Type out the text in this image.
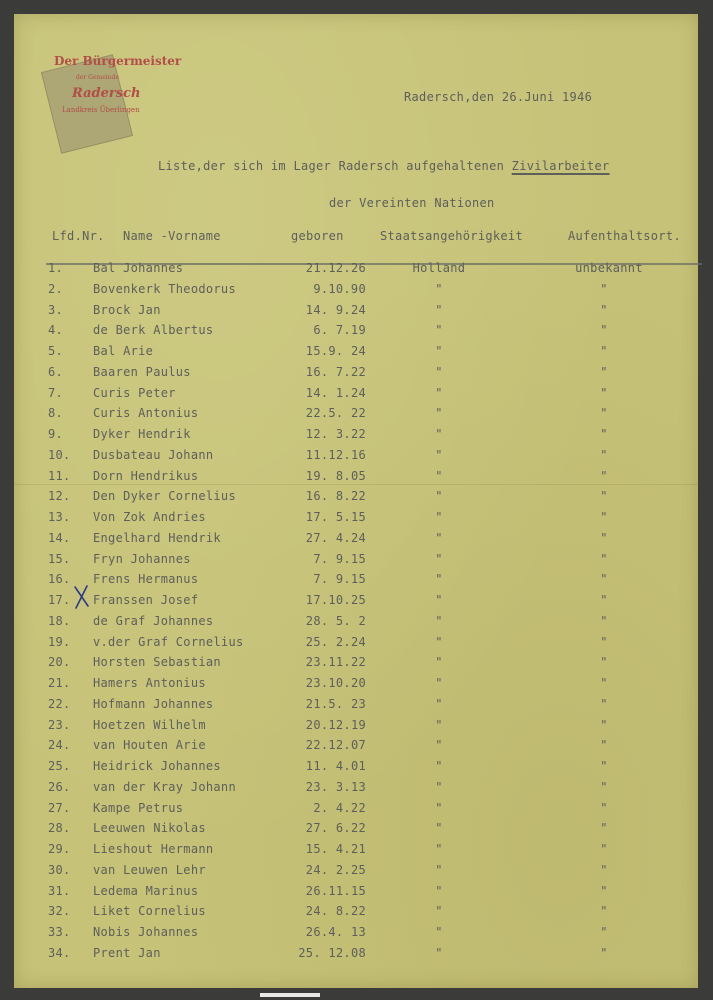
Der Bürgermeister
der Gemeinde
Radersch
Landkreis Überlingen
Radersch,den 26.Juni 1946
Liste,der sich im Lager Radersch aufgehaltenen Zivilarbeiter
der Vereinten Nationen
Lfd.Nr. Name -Vorname	geboren	Staatsangehörigkeit	Aufenthaltsort.
1. Bal Johannes	21.12.26	Holland	unbekannt
2. Bovenkerk Theodorus	9.10.90	"	"
3. Brock Jan	14. 9.24	"	"
4. de Berk Albertus	6. 7.19	"	"
5. Bal Arie	15.9. 24	"	"
6. Baaren Paulus	16. 7.22	"	"
7. Curis Peter	14. 1.24	"	"
8. Curis Antonius	22.5. 22	"	"
9. Dyker Hendrik	12. 3.22	"	"
10. Dusbateau Johann	11.12.16	"	"
11. Dorn Hendrikus	19. 8.05	"	"
12. Den Dyker Cornelius	16. 8.22	"	"
13. Von Zok Andries	17. 5.15	"	"
14. Engelhard Hendrik	27. 4.24	"	"
15. Fryn Johannes	7. 9.15	"	"
16. Frens Hermanus	7. 9.15	"	"
17. Franssen Josef	17.10.25	"	"
18. de Graf Johannes	28. 5. 2	"	"
19. v.der Graf Cornelius	25. 2.24	"	"
20. Horsten Sebastian	23.11.22	"	"
21. Hamers Antonius	23.10.20	"	"
22. Hofmann Johannes	21.5. 23	"	"
23. Hoetzen Wilhelm	20.12.19	"	"
24. van Houten Arie	22.12.07	"	"
25. Heidrick Johannes	11. 4.01	"	"
26. van der Kray Johann	23. 3.13	"	"
27. Kampe Petrus	2. 4.22	"	"
28. Leeuwen Nikolas	27. 6.22	"	"
29. Lieshout Hermann	15. 4.21	"	"
30. van Leuwen Lehr	24. 2.25	"	"
31. Ledema Marinus	26.11.15	"	"
32. Liket Cornelius	24. 8.22	"	"
33. Nobis Johannes	26.4. 13	"	"
34. Prent Jan	25. 12.08	"	"
